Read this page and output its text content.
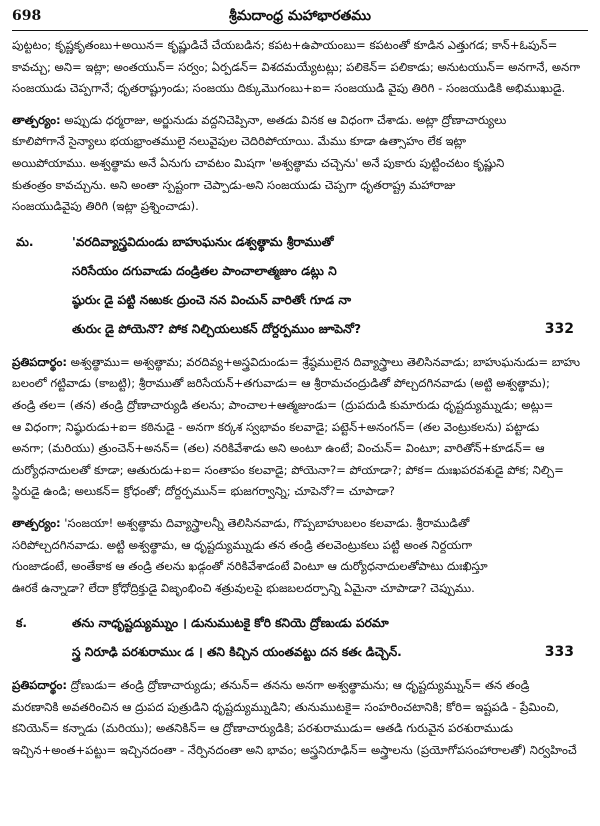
698	శ్రీమదాంధ్ర మహాభారతము
పుట్టటం; కృష్ణకృతంబు+అయిన= కృష్ణుడిచే చేయబడిన; కపట+ఉపాయంబు= కపటంతో కూడిన ఎత్తుగడ; కాన్+ఓపున్=
కావచ్చు; అని= ఇట్లా; అంతయున్= సర్వం; ఏర్పడన్= విశదమయ్యేటట్లు; పలికెన్= పలికాడు; అనుటయున్= అనగానే, అనగా
సంజయుడు చెప్పగానే; ధృతరాష్ట్రుండు; సంజయు దిక్కుమొగంబు+ఐ= సంజయుడి వైపు తిరిగి - సంజయుడికి అభిముఖుడై.
తాత్పర్యం: అప్పుడు ధర్మరాజు, అర్జునుడు వద్దనిచెప్పినా, అతడు వినక ఆ విధంగా చేశాడు. అట్లా ద్రోణాచార్యులు
కూలిపోగానే సైన్యాలు భయభ్రాంతములై నలువైపుల చెదిరిపోయాయి. మేము కూడా ఉత్సాహం లేక ఇట్లా
అయిపోయాము. అశ్వత్థామ అనే ఏనుగు చావటం మిషగా 'అశ్వత్థామ చచ్చెను' అనే పుకారు పుట్టించటం కృష్ణుని
కుతంత్రం కావచ్చును. అని అంతా స్పష్టంగా చెప్పాడు-అని సంజయుడు చెప్పగా ధృతరాష్ట్ర మహారాజు
సంజయుడివైపు తిరిగి (ఇట్లా ప్రశ్నించాడు).
మ.	'వరదివ్యాస్త్రవిదుండు బాహుఘనుఁ డశ్వత్థామ శ్రీరాముతో
సరిసేయం దగువాఁడు దండ్రితల పాంచాలాత్మజుం డట్లు ని
ష్ఠురుఁ డై పట్టి నఱుకఁ ద్రుంచె నన వించున్ వారితోఁ గూడ నా
తురుఁ డై పోయెనొ? పోక నిల్చియలుకన్ దోర్దర్పముం జూపెనో?	332
ప్రతిపదార్థం: అశ్వత్థాము= అశ్వత్థామ; వరదివ్య+అస్త్రవిదుండు= శ్రేష్ఠములైన దివ్యాస్త్రాలు తెలిసినవాడు; బాహుఘనుడు= బాహు
బలంలో గట్టివాడు (కాబట్టి); శ్రీరాముతో జరిసేయన్+తగువాడు= ఆ శ్రీరామచంద్రుడితో పోల్చదగినవాడు (అట్టి అశ్వత్థామ);
తండ్రి తల= (తన) తండ్రి ద్రోణాచార్యుడి తలను; పాంచాల+ఆత్మజుండు= (ద్రుపదుడి కుమారుడు ధృష్టద్యుమ్నుడు; అట్లు=
ఆ విధంగా; నిష్ఠురుడు+ఐ= కఠినుడై - అనగా కర్కశ స్వభావం కలవాడై; పట్టెన్+అనంగన్= (తల వెంట్రుకలను) పట్టాడు
అనగా; (మరియు) త్రుంచెన్+అనన్= (తల) నరికివేశాడు అని అంటూ ఉంటే; వించున్= వింటూ; వారితోన్+కూడన్= ఆ
దుర్యోధనాదులతో కూడా; ఆతురుడు+ఐ= సంతాపం కలవాడై; పోయెనా?= పోయాడా?; పోక= దుఃఖపరవశుడై పోక; నిల్చి=
స్థిరుడై ఉండి; అలుకన్= క్రోధంతో; దోర్దర్పమున్= భుజగర్వాన్ని; చూపెనో?= చూపాడా?
తాత్పర్యం: 'సంజయా! అశ్వత్థామ దివ్యాస్త్రాలన్నీ తెలిసినవాడు, గొప్పబాహుబలం కలవాడు. శ్రీరాముడితో
సరిపోల్చదగినవాడు. అట్టి అశ్వత్థామ, ఆ ధృష్టద్యుమ్నుడు తన తండ్రి తలవెంట్రుకలు పట్టి అంత నిర్దయగా
గుంజాడంటే, అంతేకాక ఆ తండ్రి తలను ఖడ్గంతో నరికివేశాడంటే వింటూ ఆ దుర్యోధనాదులతోపాటు దుఃఖిస్తూ
ఊరకే ఉన్నాడా? లేదా క్రోధోద్రిక్తుడై విజృంభించి శత్రువులపై భుజబలదర్పాన్ని ఏమైనా చూపాడా? చెప్పుము.
క.	తను నాధృష్టద్యుమ్నుం । డునుముటకై కోరి కనియె ద్రోణుఁడు పరమా
స్త్ర నిరూఢి పరశురాముఁ డ । తని కిచ్చిన యంతవట్టు దన కతఁ డిచ్చెన్.	333
ప్రతిపదార్థం: ద్రోణుడు= తండ్రి ద్రోణాచార్యుడు; తనున్= తనను అనగా అశ్వత్థామను; ఆ ధృష్టద్యుమ్నున్= తన తండ్రి
మరణానికి అవతరించిన ఆ ద్రుపద పుత్రుడిని ధృష్టద్యుమ్నుడిని; తునుముటకై= సంహరించటానికి; కోరి= ఇష్టపడి - ప్రేమించి,
కనియెన్= కన్నాడు (మరియు); అతనికిన్= ఆ ద్రోణాచార్యుడికి; పరశురాముడు= ఆతడి గురువైన పరశురాముడు
ఇచ్చిన+అంత+పట్టు= ఇచ్చినదంతా - నేర్పినదంతా అని భావం; అస్త్రనిరూఢిన్= అస్త్రాలను (ప్రయోగోపసంహారాలతో) నిర్వహించే
